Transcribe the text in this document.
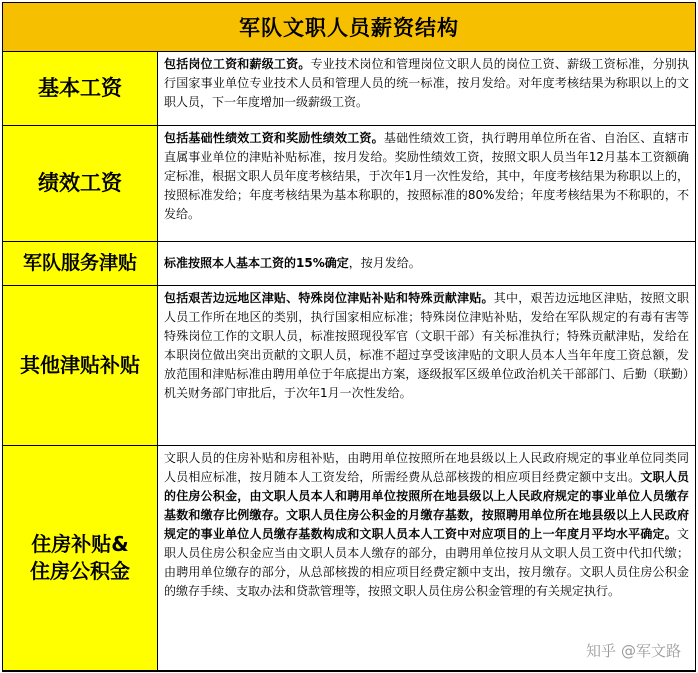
军队文职人员薪资结构
基本工资
包括岗位工资和薪级工资。专业技术岗位和管理岗位文职人员的岗位工资、薪级工资标准，分别执行国家事业单位专业技术人员和管理人员的统一标准，按月发给。对年度考核结果为称职以上的文职人员，下一年度增加一级薪级工资。
绩效工资
包括基础性绩效工资和奖励性绩效工资。基础性绩效工资，执行聘用单位所在省、自治区、直辖市直属事业单位的津贴补贴标准，按月发给。奖励性绩效工资，按照文职人员当年12月基本工资额确定标准，根据文职人员年度考核结果，于次年1月一次性发给，其中，年度考核结果为称职以上的，按照标准发给；年度考核结果为基本称职的，按照标准的80%发给；年度考核结果为不称职的，不发给。
军队服务津贴	标准按照本人基本工资的15%确定，按月发给。
其他津贴补贴
包括艰苦边远地区津贴、特殊岗位津贴补贴和特殊贡献津贴。其中，艰苦边远地区津贴，按照文职人员工作所在地区的类别，执行国家相应标准；特殊岗位津贴补贴，发给在军队规定的有毒有害等特殊岗位工作的文职人员，标准按照现役军官（文职干部）有关标准执行；特殊贡献津贴，发给在本职岗位做出突出贡献的文职人员，标准不超过享受该津贴的文职人员本人当年年度工资总额，发放范围和津贴标准由聘用单位于年底提出方案，逐级报军区级单位政治机关干部部门、后勤（联勤）机关财务部门审批后，于次年1月一次性发给。
住房补贴&
住房公积金
文职人员的住房补贴和房租补贴，由聘用单位按照所在地县级以上人民政府规定的事业单位同类同人员相应标准，按月随本人工资发给，所需经费从总部核拨的相应项目经费定额中支出。文职人员的住房公积金，由文职人员本人和聘用单位按照所在地县级以上人民政府规定的事业单位人员缴存基数和缴存比例缴存。文职人员住房公积金的月缴存基数，按照聘用单位所在地县级以上人民政府规定的事业单位人员缴存基数构成和文职人员本人工资中对应项目的上一年度月平均水平确定。文职人员住房公积金应当由文职人员本人缴存的部分，由聘用单位按月从文职人员工资中代扣代缴；由聘用单位缴存的部分，从总部核拨的相应项目经费定额中支出，按月缴存。文职人员住房公积金的缴存手续、支取办法和贷款管理等，按照文职人员住房公积金管理的有关规定执行。
知乎 @军文路
